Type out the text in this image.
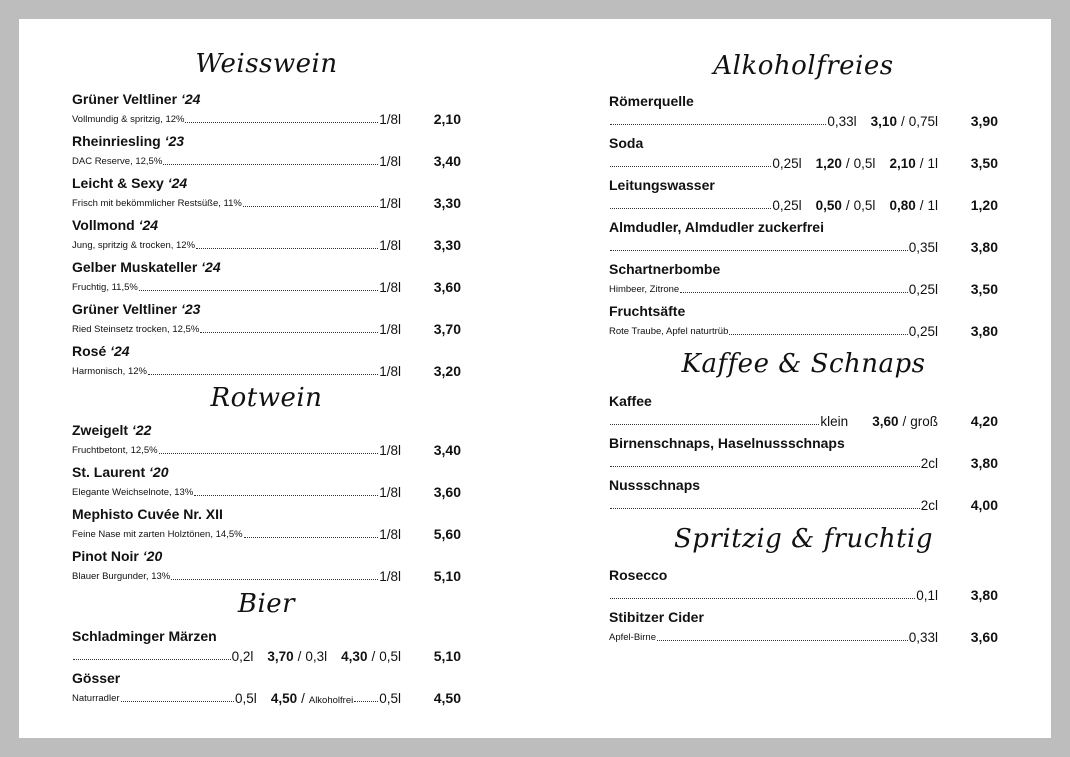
Weisswein
Grüner Veltliner ‘24
Vollmundig & spritzig, 12%	1/8l	2,10
Rheinriesling ‘23
DAC Reserve, 12,5%	1/8l	3,40
Leicht & Sexy ‘24
Frisch mit bekömmlicher Restsüße, 11%	1/8l	3,30
Vollmond ‘24
Jung, spritzig & trocken, 12%	1/8l	3,30
Gelber Muskateller ‘24
Fruchtig, 11,5%	1/8l	3,60
Grüner Veltliner ‘23
Ried Steinsetz trocken, 12,5%	1/8l	3,70
Rosé ‘24
Harmonisch, 12%	1/8l	3,20
Rotwein
Zweigelt ‘22
Fruchtbetont, 12,5%	1/8l	3,40
St. Laurent ‘20
Elegante Weichselnote, 13%	1/8l	3,60
Mephisto Cuvée Nr. XII
Feine Nase mit zarten Holztönen, 14,5%	1/8l	5,60
Pinot Noir ‘20
Blauer Burgunder, 13%	1/8l	5,10
Bier
Schladminger Märzen
0,2l 3,70 / 0,3l 4,30 / 0,5l	5,10
Gösser
Naturradler	0,5l 4,50 / Alkoholfrei 0,5l	4,50
Alkoholfreies
Römerquelle
0,33l 3,10 / 0,75l	3,90
Soda
0,25l 1,20 / 0,5l 2,10 / 1l	3,50
Leitungswasser
0,25l 0,50 / 0,5l 0,80 / 1l	1,20
Almdudler, Almdudler zuckerfrei
0,35l	3,80
Schartnerbombe
Himbeer, Zitrone	0,25l	3,50
Fruchtsäfte
Rote Traube, Apfel naturtrüb	0,25l	3,80
Kaffee & Schnaps
Kaffee
klein 3,60 / groß	4,20
Birnenschnaps, Haselnussschnaps
2cl	3,80
Nussschnaps
2cl	4,00
Spritzig & fruchtig
Rosecco
0,1l	3,80
Stibitzer Cider
Apfel-Birne	0,33l	3,60
